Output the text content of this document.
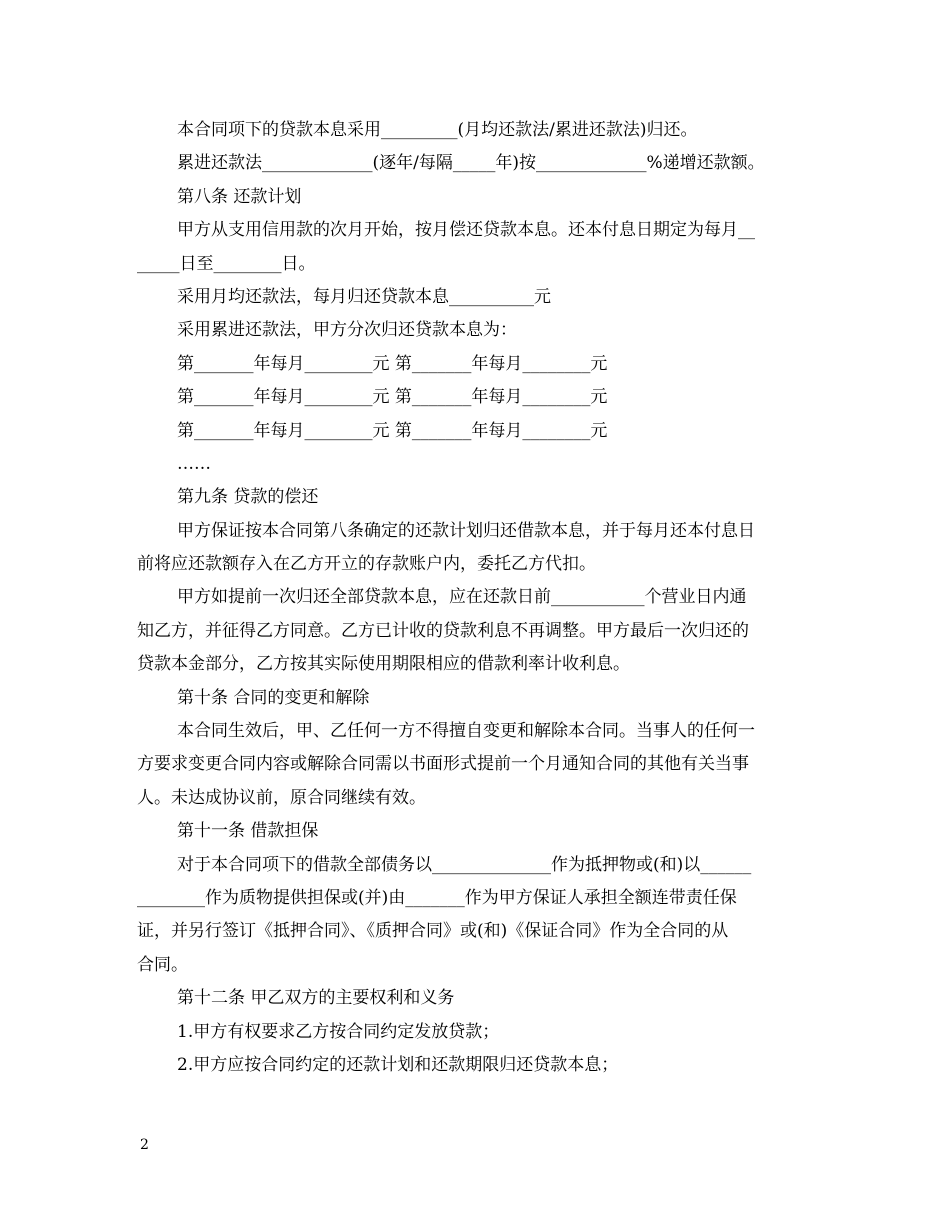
本合同项下的贷款本息采用_________(月均还款法/累进还款法)归还。
累进还款法_____________(逐年/每隔_____年)按_____________%递增还款额。
第八条 还款计划
甲方从支用信用款的次月开始，按月偿还贷款本息。还本付息日期定为每月__
_____日至________日。
采用月均还款法，每月归还贷款本息__________元
采用累进还款法，甲方分次归还贷款本息为：
第_______年每月________元 第_______年每月________元
第_______年每月________元 第_______年每月________元
第_______年每月________元 第_______年每月________元
……
第九条 贷款的偿还
甲方保证按本合同第八条确定的还款计划归还借款本息，并于每月还本付息日
前将应还款额存入在乙方开立的存款账户内，委托乙方代扣。
甲方如提前一次归还全部贷款本息，应在还款日前___________个营业日内通
知乙方，并征得乙方同意。乙方已计收的贷款利息不再调整。甲方最后一次归还的
贷款本金部分，乙方按其实际使用期限相应的借款利率计收利息。
第十条 合同的变更和解除
本合同生效后，甲、乙任何一方不得擅自变更和解除本合同。当事人的任何一
方要求变更合同内容或解除合同需以书面形式提前一个月通知合同的其他有关当事
人。未达成协议前，原合同继续有效。
第十一条 借款担保
对于本合同项下的借款全部债务以______________作为抵押物或(和)以______
________作为质物提供担保或(并)由_______作为甲方保证人承担全额连带责任保
证，并另行签订《抵押合同》、《质押合同》或(和)《保证合同》作为全合同的从
合同。
第十二条 甲乙双方的主要权利和义务
1.甲方有权要求乙方按合同约定发放贷款；
2.甲方应按合同约定的还款计划和还款期限归还贷款本息；
2
